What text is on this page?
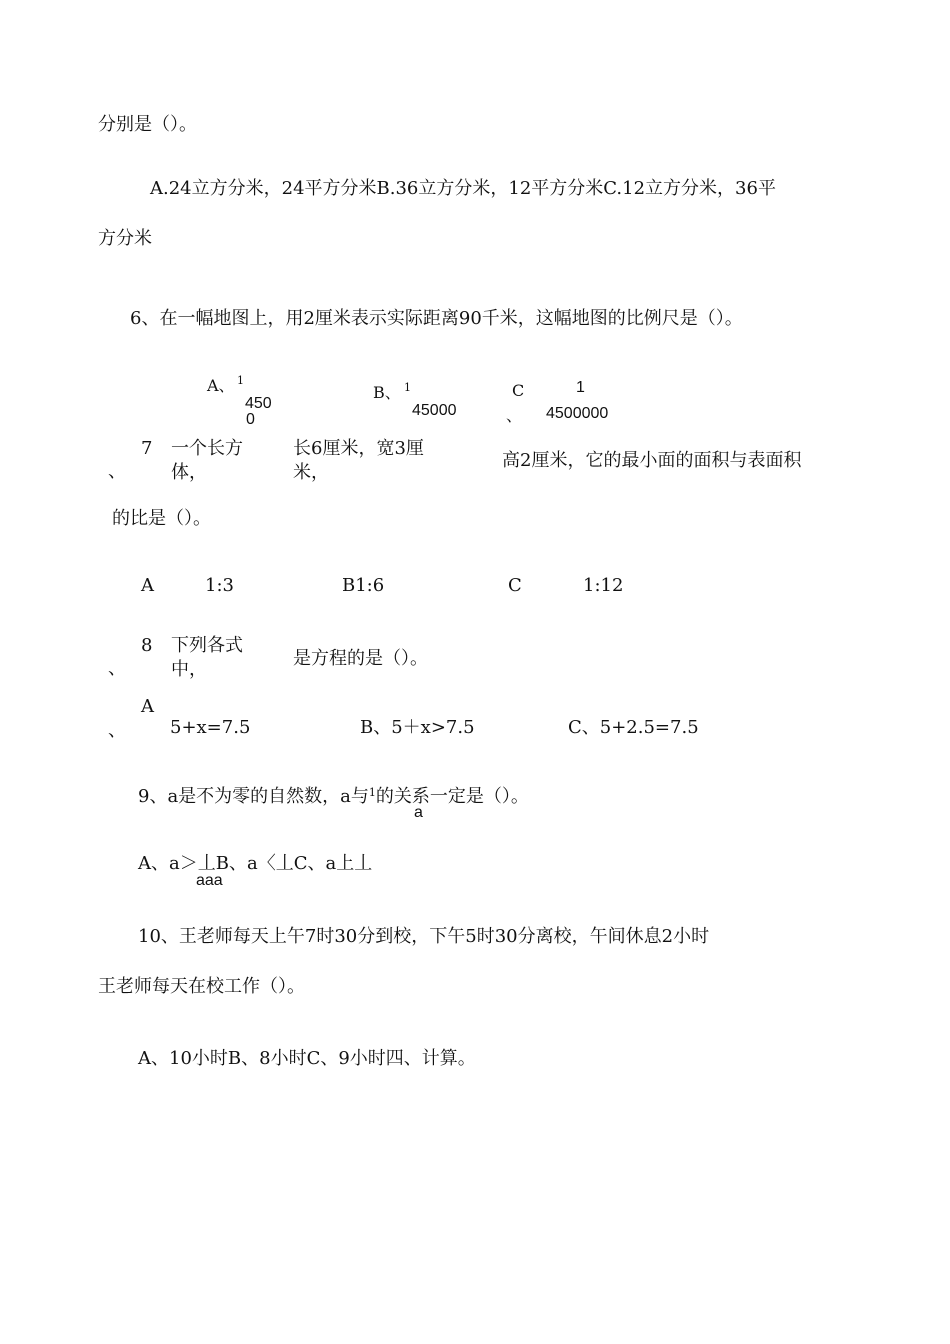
分别是（）。
A.24立方分米，24平方分米B.36立方分米，12平方分米C.12立方分米，36平
方分米
6、在一幅地图上，用2厘米表示实际距离90千米，这幅地图的比例尺是（）。
A、 1
450
0
B、 1
45000
C
、
1
4500000
7
、
一个长方
体，
长6厘米，宽3厘
米，
高2厘米，它的最小面的面积与表面积
的比是（）。
A	1:3	B1:6	C	1:12
8
、
下列各式
中，
是方程的是（）。
A
、 5+x=7.5	B、5＋x>7.5	C、5+2.5=7.5
9、a是不为零的自然数，a与$^1$的关系一定是（）。
a
A、a＞丄B、a〈丄C、a上丄
aaa
10、王老师每天上午7时30分到校，下午5时30分离校，午间休息2小时
王老师每天在校工作（）。
A、10小时B、8小时C、9小时四、计算。
